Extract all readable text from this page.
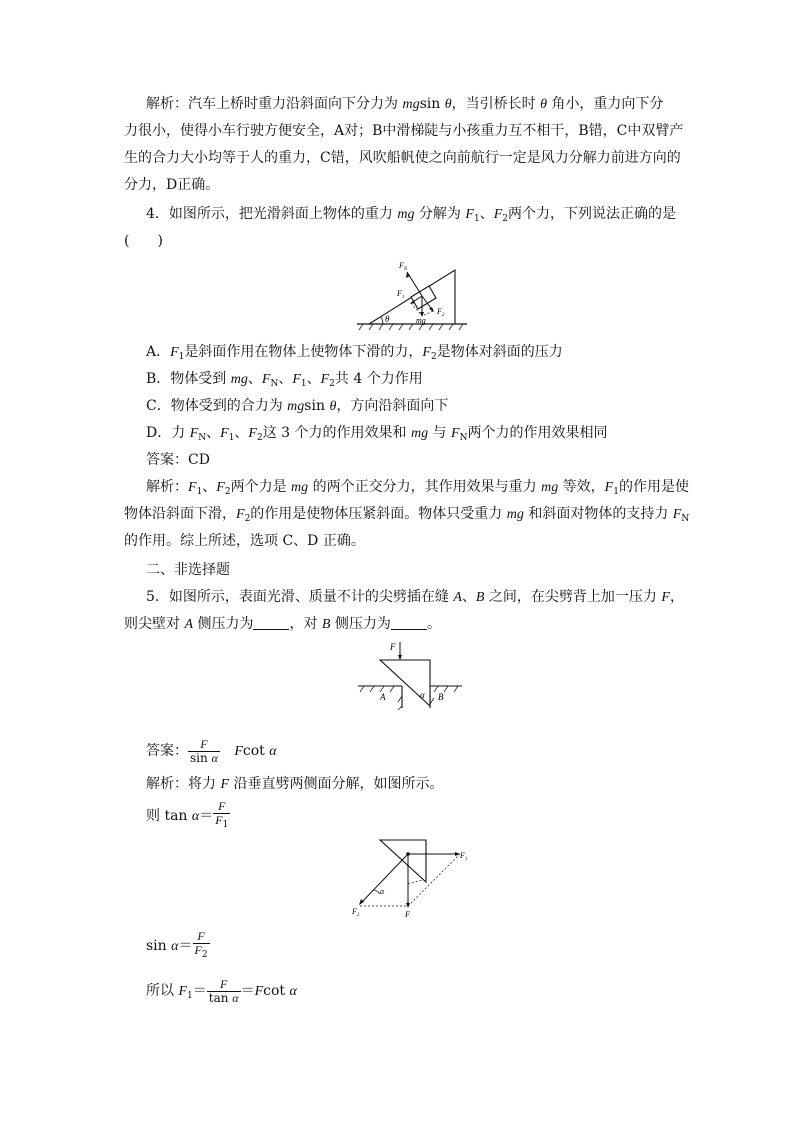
解析：汽车上桥时重力沿斜面向下分力为 mgsin θ，当引桥长时 θ 角小，重力向下分
力很小，使得小车行驶方便安全，A对；B中滑梯陡与小孩重力互不相干，B错，C中双臂产
生的合力大小均等于人的重力，C错，风吹船帆使之向前航行一定是风力分解力前进方向的
分力，D正确。
4．如图所示，把光滑斜面上物体的重力 mg 分解为 $F_1$、$F_2$两个力，下列说法正确的是
(　　)
$F_N$
$F_1$
$F_2$
mg
θ
A．$F_1$是斜面作用在物体上使物体下滑的力，$F_2$是物体对斜面的压力
B．物体受到 mg、$F_N$、$F_1$、$F_2$共 4 个力作用
C．物体受到的合力为 mgsin θ，方向沿斜面向下
D．力 $F_N$、$F_1$、$F_2$这 3 个力的作用效果和 mg 与 $F_N$两个力的作用效果相同
答案：CD
解析：$F_1$、$F_2$两个力是 mg 的两个正交分力，其作用效果与重力 mg 等效，$F_1$的作用是使
物体沿斜面下滑，$F_2$的作用是使物体压紧斜面。物体只受重力 mg 和斜面对物体的支持力 $F_N$
的作用。综上所述，选项 C、D 正确。
二、非选择题
5．如图所示，表面光滑、质量不计的尖劈插在缝 A、B 之间，在尖劈背上加一压力 F，
则尖壁对 A 侧压力为	，对 B 侧压力为	。
F
A	α B
答案： $\frac{F}{\text{sin α}}$ Fcot α
解析：将力 F 沿垂直劈两侧面分解，如图所示。
则 $\tan \alpha= \frac{F}{F_1}$
$F_1$
$F_2$	F
α
$\sin \alpha= \frac{F}{F_2}$
所以 $F_1= \frac{F}{\text{tan α}} =Fcot$ α
